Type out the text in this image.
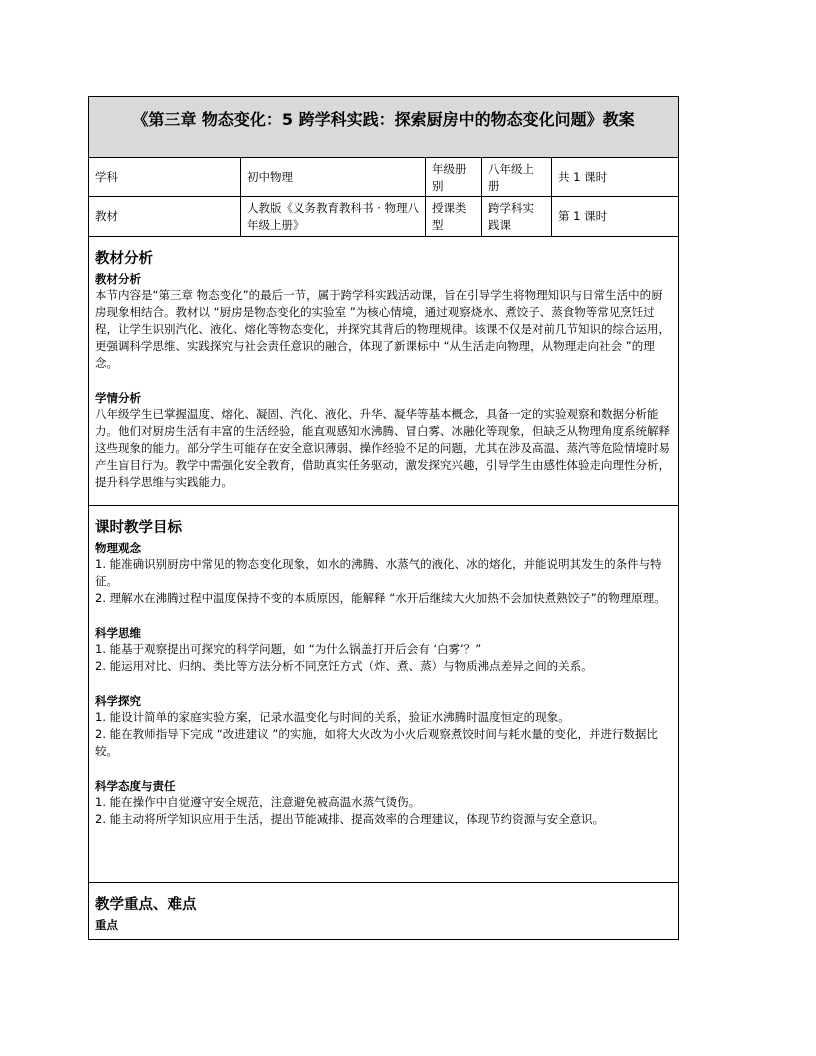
《第三章 物态变化：5 跨学科实践：探索厨房中的物态变化问题》教案
学科	初中物理
年级册别
八年级上册
共 1 课时
教材
人教版《义务教育教科书 · 物理八年级上册》
授课类型
跨学科实践课
第 1 课时
教材分析
教材分析

本节内容是“第三章 物态变化”的最后一节，属于跨学科实践活动课，旨在引导学生将物理知识与日常生活中的厨房现象相结合。教材以 “厨房是物态变化的实验室 ”为核心情境，通过观察烧水、煮饺子、蒸食物等常见烹饪过程，让学生识别汽化、液化、熔化等物态变化，并探究其背后的物理规律。该课不仅是对前几节知识的综合运用，更强调科学思维、实践探究与社会责任意识的融合，体现了新课标中 “从生活走向物理，从物理走向社会 ”的理念。

学情分析

八年级学生已掌握温度、熔化、凝固、汽化、液化、升华、凝华等基本概念，具备一定的实验观察和数据分析能力。他们对厨房生活有丰富的生活经验，能直观感知水沸腾、冒白雾、冰融化等现象，但缺乏从物理角度系统解释这些现象的能力。部分学生可能存在安全意识薄弱、操作经验不足的问题，尤其在涉及高温、蒸汽等危险情境时易产生盲目行为。教学中需强化安全教育，借助真实任务驱动，激发探究兴趣，引导学生由感性体验走向理性分析，提升科学思维与实践能力。

课时教学目标
物理观念

1. 能准确识别厨房中常见的物态变化现象，如水的沸腾、水蒸气的液化、冰的熔化，并能说明其发生的条件与特征。

2. 理解水在沸腾过程中温度保持不变的本质原因，能解释 “水开后继续大火加热不会加快煮熟饺子”的物理原理。

科学思维

1. 能基于观察提出可探究的科学问题，如 “为什么锅盖打开后会有 ‘白雾’？”

2. 能运用对比、归纳、类比等方法分析不同烹饪方式（炸、煮、蒸）与物质沸点差异之间的关系。

科学探究

1. 能设计简单的家庭实验方案，记录水温变化与时间的关系，验证水沸腾时温度恒定的现象。

2. 能在教师指导下完成 “改进建议 ”的实施，如将大火改为小火后观察煮饺时间与耗水量的变化，并进行数据比较。

科学态度与责任

1. 能在操作中自觉遵守安全规范，注意避免被高温水蒸气烫伤。

2. 能主动将所学知识应用于生活，提出节能减排、提高效率的合理建议，体现节约资源与安全意识。

教学重点、难点
重点
